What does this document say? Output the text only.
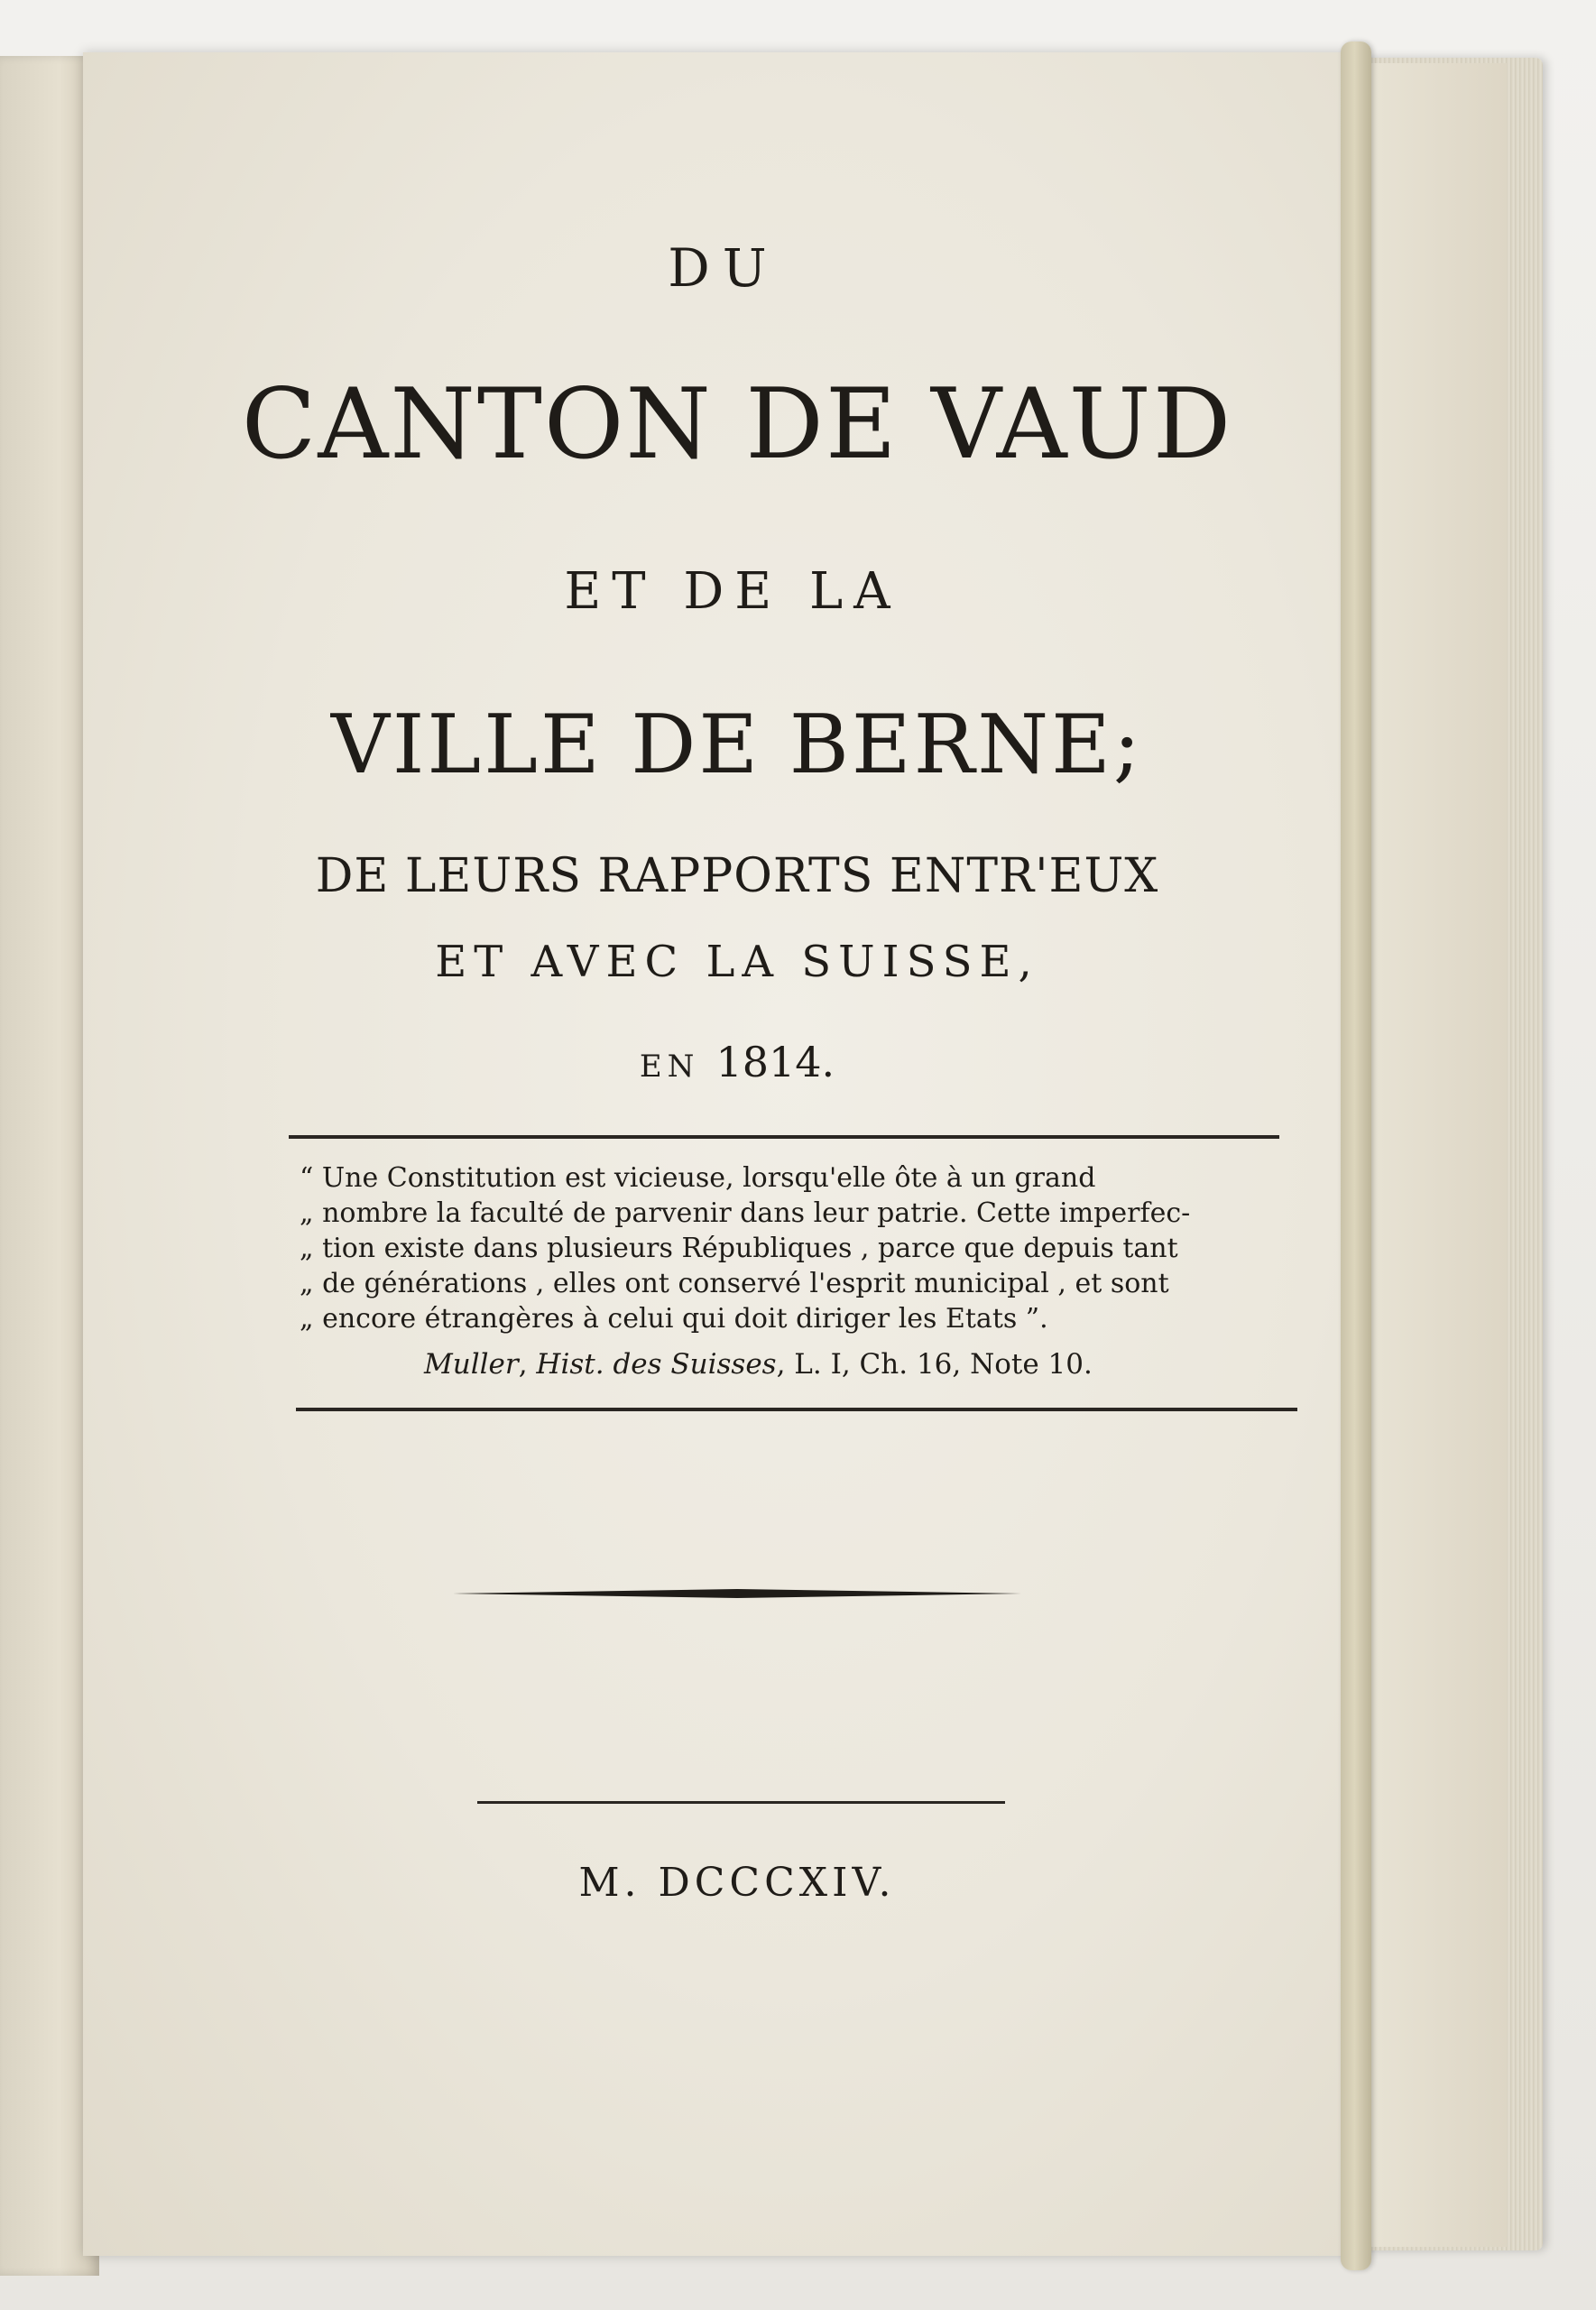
DU
CANTON DE VAUD
ET DE LA
VILLE DE BERNE;
DE LEURS RAPPORTS ENTR'EUX
ET AVEC LA SUISSE,
EN 1814.
“ Une Constitution est vicieuse, lorsqu'elle ôte à un grand
„ nombre la faculté de parvenir dans leur patrie. Cette imperfec-
„ tion existe dans plusieurs Républiques , parce que depuis tant
„ de générations , elles ont conservé l'esprit municipal , et sont
„ encore étrangères à celui qui doit diriger les Etats ”.
Muller, Hist. des Suisses, L. I, Ch. 16, Note 10.
M. DCCCXIV.
